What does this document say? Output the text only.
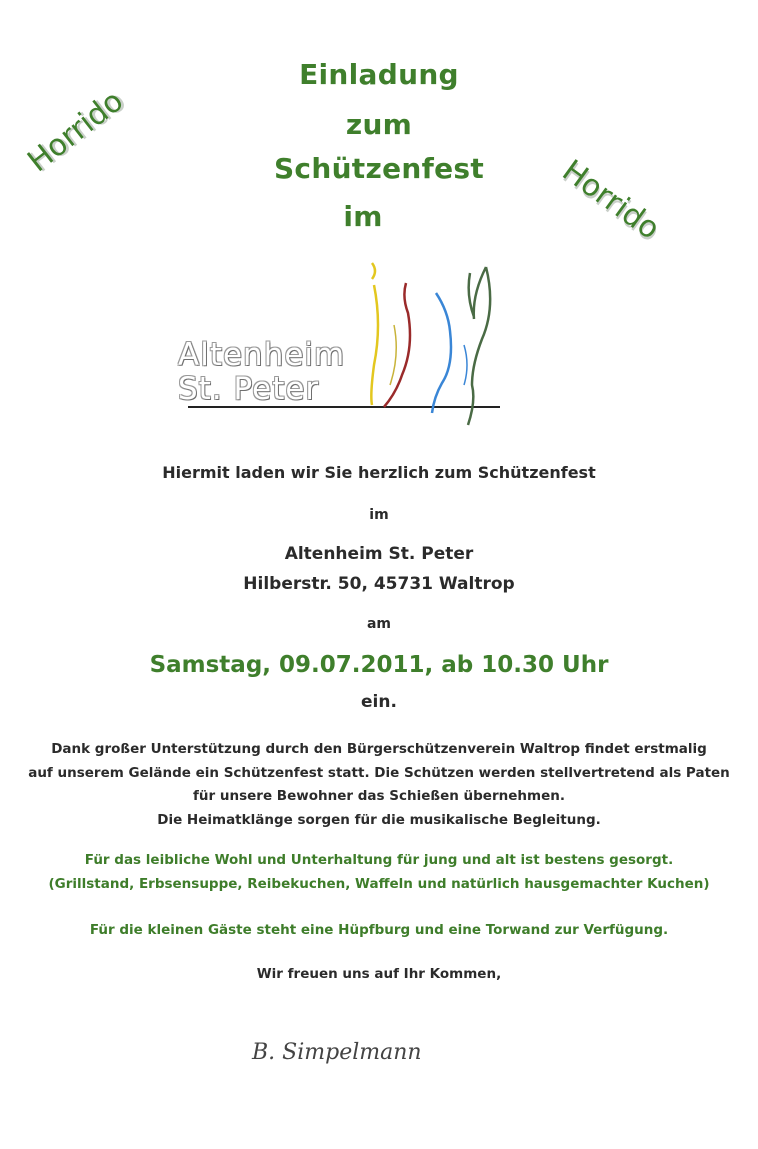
Einladung
zum
Schützenfest
im
Horrido
Horrido
Altenheim
St. Peter
Hiermit laden wir Sie herzlich zum Schützenfest
im
Altenheim St. Peter
Hilberstr. 50, 45731 Waltrop
am
Samstag, 09.07.2011, ab 10.30 Uhr
ein.
Dank großer Unterstützung durch den Bürgerschützenverein Waltrop findet erstmalig
auf unserem Gelände ein Schützenfest statt. Die Schützen werden stellvertretend als Paten
für unsere Bewohner das Schießen übernehmen.
Die Heimatklänge sorgen für die musikalische Begleitung.
Für das leibliche Wohl und Unterhaltung für jung und alt ist bestens gesorgt.
(Grillstand, Erbsensuppe, Reibekuchen, Waffeln und natürlich hausgemachter Kuchen)
Für die kleinen Gäste steht eine Hüpfburg und eine Torwand zur Verfügung.
Wir freuen uns auf Ihr Kommen,
B. Simpelmann
